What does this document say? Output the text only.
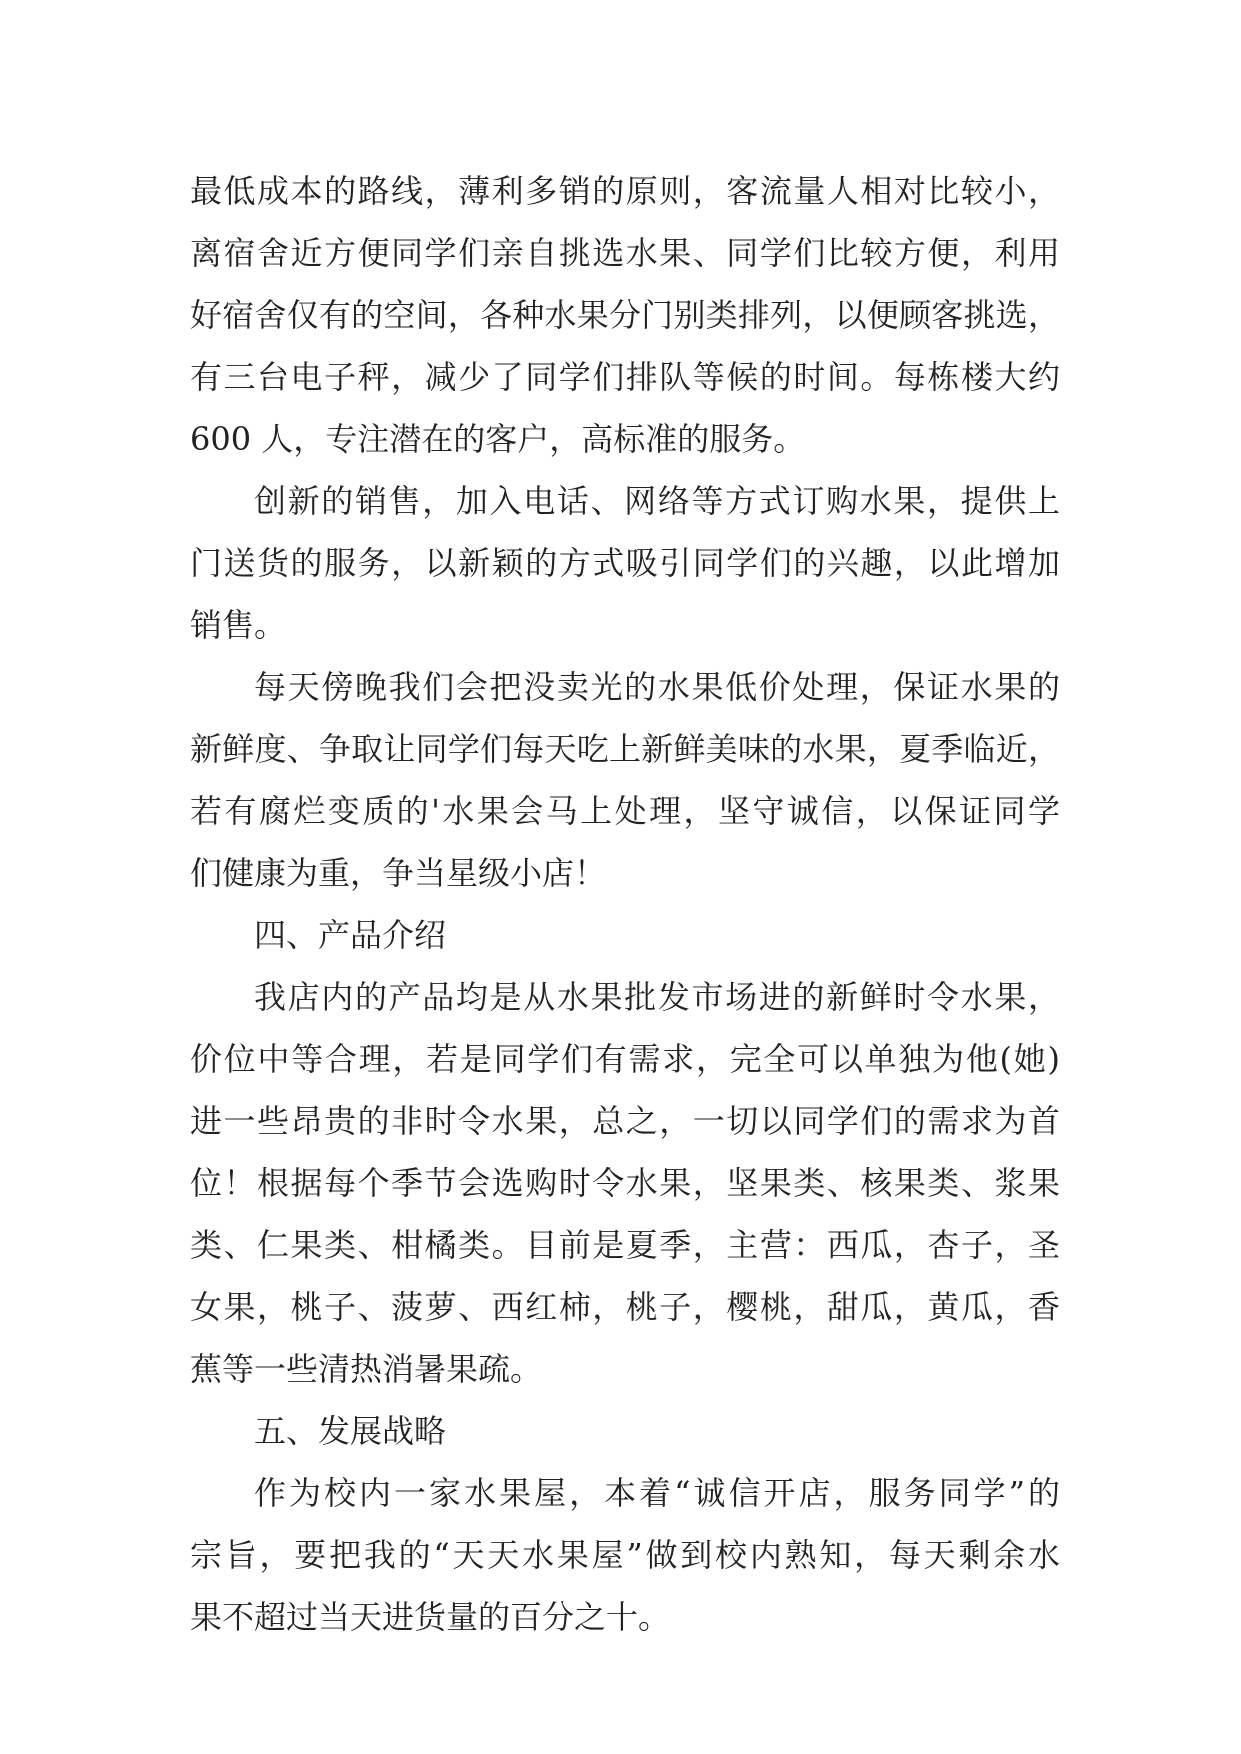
最低成本的路线，薄利多销的原则，客流量人相对比较小，
离宿舍近方便同学们亲自挑选水果、同学们比较方便，利用
好宿舍仅有的空间，各种水果分门别类排列，以便顾客挑选，
有三台电子秤，减少了同学们排队等候的时间。每栋楼大约
600 人，专注潜在的客户，高标准的服务。
创新的销售，加入电话、网络等方式订购水果，提供上
门送货的服务，以新颖的方式吸引同学们的兴趣，以此增加
销售。
每天傍晚我们会把没卖光的水果低价处理，保证水果的
新鲜度、争取让同学们每天吃上新鲜美味的水果，夏季临近，
若有腐烂变质的'水果会马上处理，坚守诚信，以保证同学
们健康为重，争当星级小店！
四、产品介绍
我店内的产品均是从水果批发市场进的新鲜时令水果，
价位中等合理，若是同学们有需求，完全可以单独为他(她)
进一些昂贵的非时令水果，总之，一切以同学们的需求为首
位！根据每个季节会选购时令水果，坚果类、核果类、浆果
类、仁果类、柑橘类。目前是夏季，主营：西瓜，杏子，圣
女果，桃子、菠萝、西红柿，桃子，樱桃，甜瓜，黄瓜，香
蕉等一些清热消暑果疏。
五、发展战略
作为校内一家水果屋，本着“诚信开店，服务同学”的
宗旨，要把我的“天天水果屋”做到校内熟知，每天剩余水
果不超过当天进货量的百分之十。
